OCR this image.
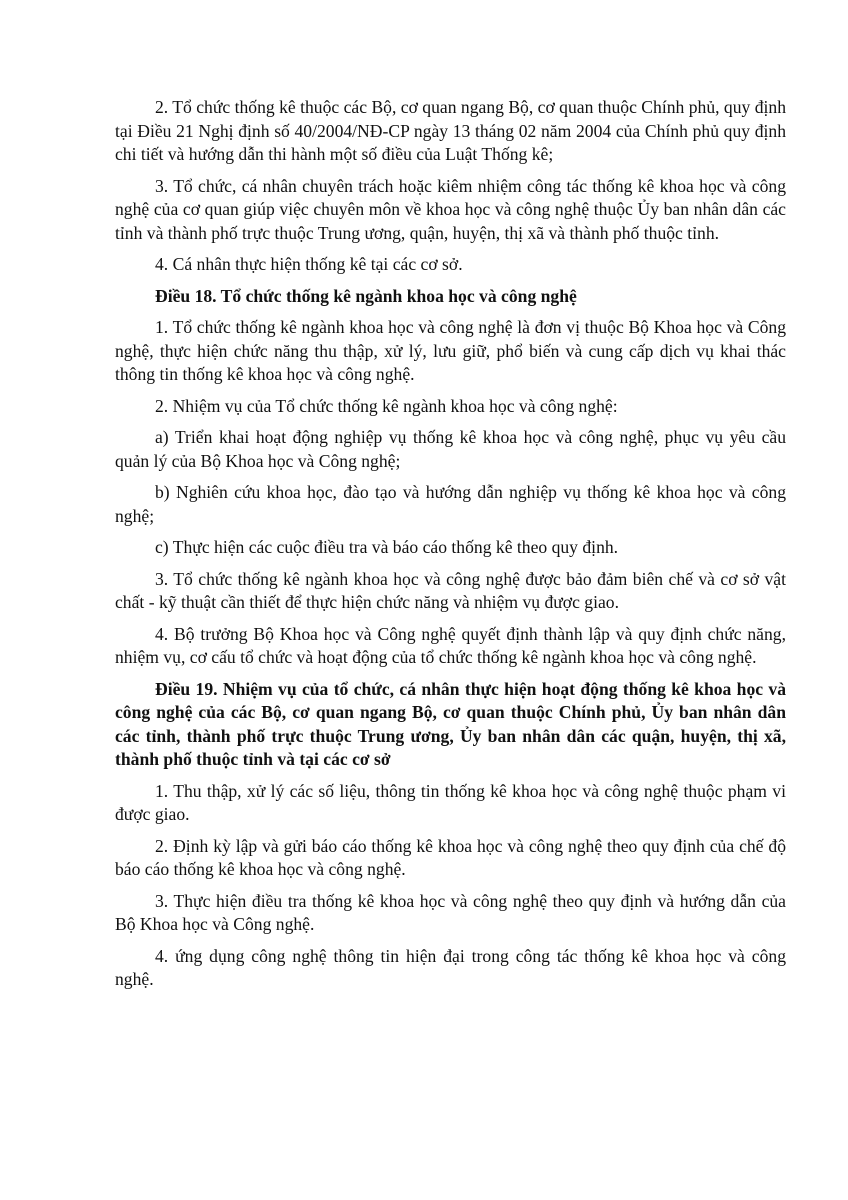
2. Tổ chức thống kê thuộc các Bộ, cơ quan ngang Bộ, cơ quan thuộc Chính phủ, quy định tại Điều 21 Nghị định số 40/2004/NĐ-CP ngày 13 tháng 02 năm 2004 của Chính phủ quy định chi tiết và hướng dẫn thi hành một số điều của Luật Thống kê;

3. Tổ chức, cá nhân chuyên trách hoặc kiêm nhiệm công tác thống kê khoa học và công nghệ của cơ quan giúp việc chuyên môn về khoa học và công nghệ thuộc Ủy ban nhân dân các tỉnh và thành phố trực thuộc Trung ương, quận, huyện, thị xã và thành phố thuộc tỉnh.

4. Cá nhân thực hiện thống kê tại các cơ sở.

Điều 18. Tổ chức thống kê ngành khoa học và công nghệ

1. Tổ chức thống kê ngành khoa học và công nghệ là đơn vị thuộc Bộ Khoa học và Công nghệ, thực hiện chức năng thu thập, xử lý, lưu giữ, phổ biến và cung cấp dịch vụ khai thác thông tin thống kê khoa học và công nghệ.

2. Nhiệm vụ của Tổ chức thống kê ngành khoa học và công nghệ:

a) Triển khai hoạt động nghiệp vụ thống kê khoa học và công nghệ, phục vụ yêu cầu quản lý của Bộ Khoa học và Công nghệ;

b) Nghiên cứu khoa học, đào tạo và hướng dẫn nghiệp vụ thống kê khoa học và công nghệ;

c) Thực hiện các cuộc điều tra và báo cáo thống kê theo quy định.

3. Tổ chức thống kê ngành khoa học và công nghệ được bảo đảm biên chế và cơ sở vật chất - kỹ thuật cần thiết để thực hiện chức năng và nhiệm vụ được giao.

4. Bộ trưởng Bộ Khoa học và Công nghệ quyết định thành lập và quy định chức năng, nhiệm vụ, cơ cấu tổ chức và hoạt động của tổ chức thống kê ngành khoa học và công nghệ.

Điều 19. Nhiệm vụ của tổ chức, cá nhân thực hiện hoạt động thống kê khoa học và công nghệ của các Bộ, cơ quan ngang Bộ, cơ quan thuộc Chính phủ, Ủy ban nhân dân các tỉnh, thành phố trực thuộc Trung ương, Ủy ban nhân dân các quận, huyện, thị xã, thành phố thuộc tỉnh và tại các cơ sở

1. Thu thập, xử lý các số liệu, thông tin thống kê khoa học và công nghệ thuộc phạm vi được giao.

2. Định kỳ lập và gửi báo cáo thống kê khoa học và công nghệ theo quy định của chế độ báo cáo thống kê khoa học và công nghệ.

3. Thực hiện điều tra thống kê khoa học và công nghệ theo quy định và hướng dẫn của Bộ Khoa học và Công nghệ.

4. ứng dụng công nghệ thông tin hiện đại trong công tác thống kê khoa học và công nghệ.
